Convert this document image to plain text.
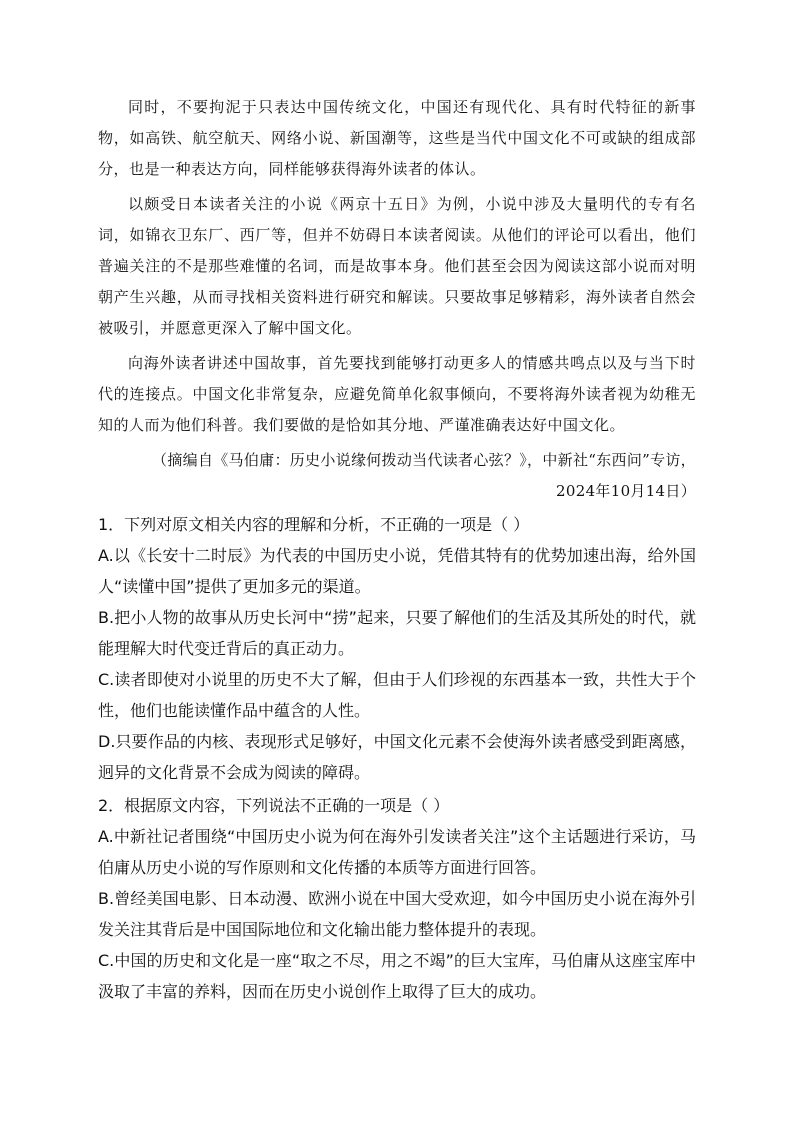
同时，不要拘泥于只表达中国传统文化，中国还有现代化、具有时代特征的新事物，如高铁、航空航天、网络小说、新国潮等，这些是当代中国文化不可或缺的组成部分，也是一种表达方向，同样能够获得海外读者的体认。

以颇受日本读者关注的小说《两京十五日》为例，小说中涉及大量明代的专有名词，如锦衣卫东厂、西厂等，但并不妨碍日本读者阅读。从他们的评论可以看出，他们普遍关注的不是那些难懂的名词，而是故事本身。他们甚至会因为阅读这部小说而对明朝产生兴趣，从而寻找相关资料进行研究和解读。只要故事足够精彩，海外读者自然会被吸引，并愿意更深入了解中国文化。

向海外读者讲述中国故事，首先要找到能够打动更多人的情感共鸣点以及与当下时代的连接点。中国文化非常复杂，应避免简单化叙事倾向，不要将海外读者视为幼稚无知的人而为他们科普。我们要做的是恰如其分地、严谨准确表达好中国文化。

（摘编自《马伯庸：历史小说缘何拨动当代读者心弦？》，中新社“东西问”专访，2024年10月14日）

1．下列对原文相关内容的理解和分析，不正确的一项是（ ）

A.以《长安十二时辰》为代表的中国历史小说，凭借其特有的优势加速出海，给外国人“读懂中国”提供了更加多元的渠道。

B.把小人物的故事从历史长河中“捞”起来，只要了解他们的生活及其所处的时代，就能理解大时代变迁背后的真正动力。

C.读者即使对小说里的历史不大了解，但由于人们珍视的东西基本一致，共性大于个性，他们也能读懂作品中蕴含的人性。

D.只要作品的内核、表现形式足够好，中国文化元素不会使海外读者感受到距离感，迥异的文化背景不会成为阅读的障碍。

2．根据原文内容，下列说法不正确的一项是（ ）

A.中新社记者围绕“中国历史小说为何在海外引发读者关注”这个主话题进行采访，马伯庸从历史小说的写作原则和文化传播的本质等方面进行回答。

B.曾经美国电影、日本动漫、欧洲小说在中国大受欢迎，如今中国历史小说在海外引发关注其背后是中国国际地位和文化输出能力整体提升的表现。

C.中国的历史和文化是一座“取之不尽，用之不竭”的巨大宝库，马伯庸从这座宝库中汲取了丰富的养料，因而在历史小说创作上取得了巨大的成功。
